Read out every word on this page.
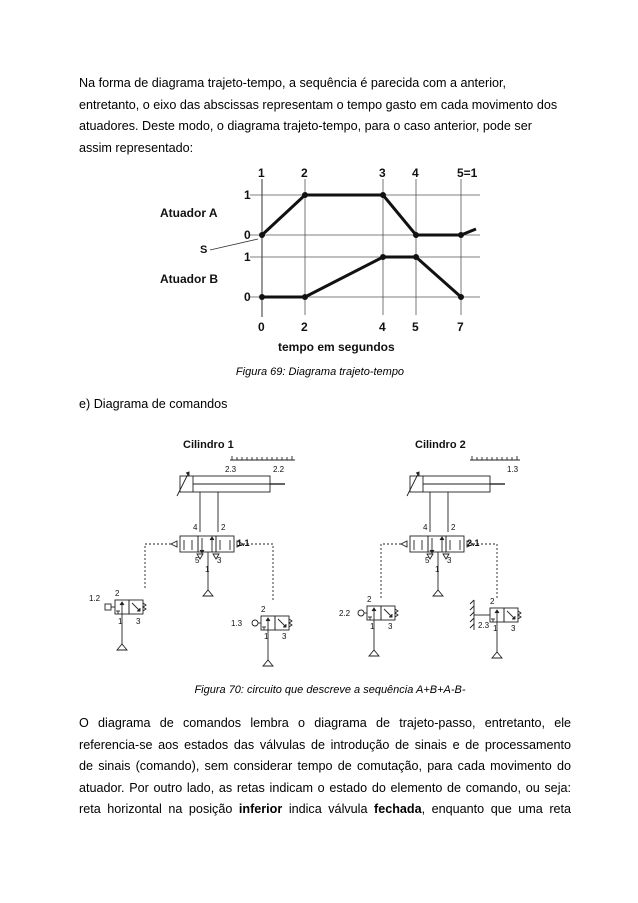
Na forma de diagrama trajeto-tempo, a sequência é parecida com a anterior,
entretanto, o eixo das abscissas representam o tempo gasto em cada movimento dos
atuadores. Deste modo, o diagrama trajeto-tempo, para o caso anterior, pode ser
assim representado:
1	2	3 4	5=1
0	2	4 5	7
Atuador A
Atuador B
1
0
1
0
S
tempo em segundos
Figura 69: Diagrama trajeto-tempo
e) Diagrama de comandos
Cilindro 1
2.3	2.2
4	2
1.1
5 3
1
1.2
2
1 3	1.3
2
1 3
Cilindro 2
1.3
4	2
2.1
5 3
1
2.2
2
1 3	2.3
2
1 3
Figura 70: circuito que descreve a sequência A+B+A-B-
O diagrama de comandos lembra o diagrama de trajeto-passo, entretanto, ele
referencia-se aos estados das válvulas de introdução de sinais e de processamento
de sinais (comando), sem considerar tempo de comutação, para cada movimento do
atuador. Por outro lado, as retas indicam o estado do elemento de comando, ou seja:
reta horizontal na posição inferior indica válvula fechada, enquanto que uma reta
